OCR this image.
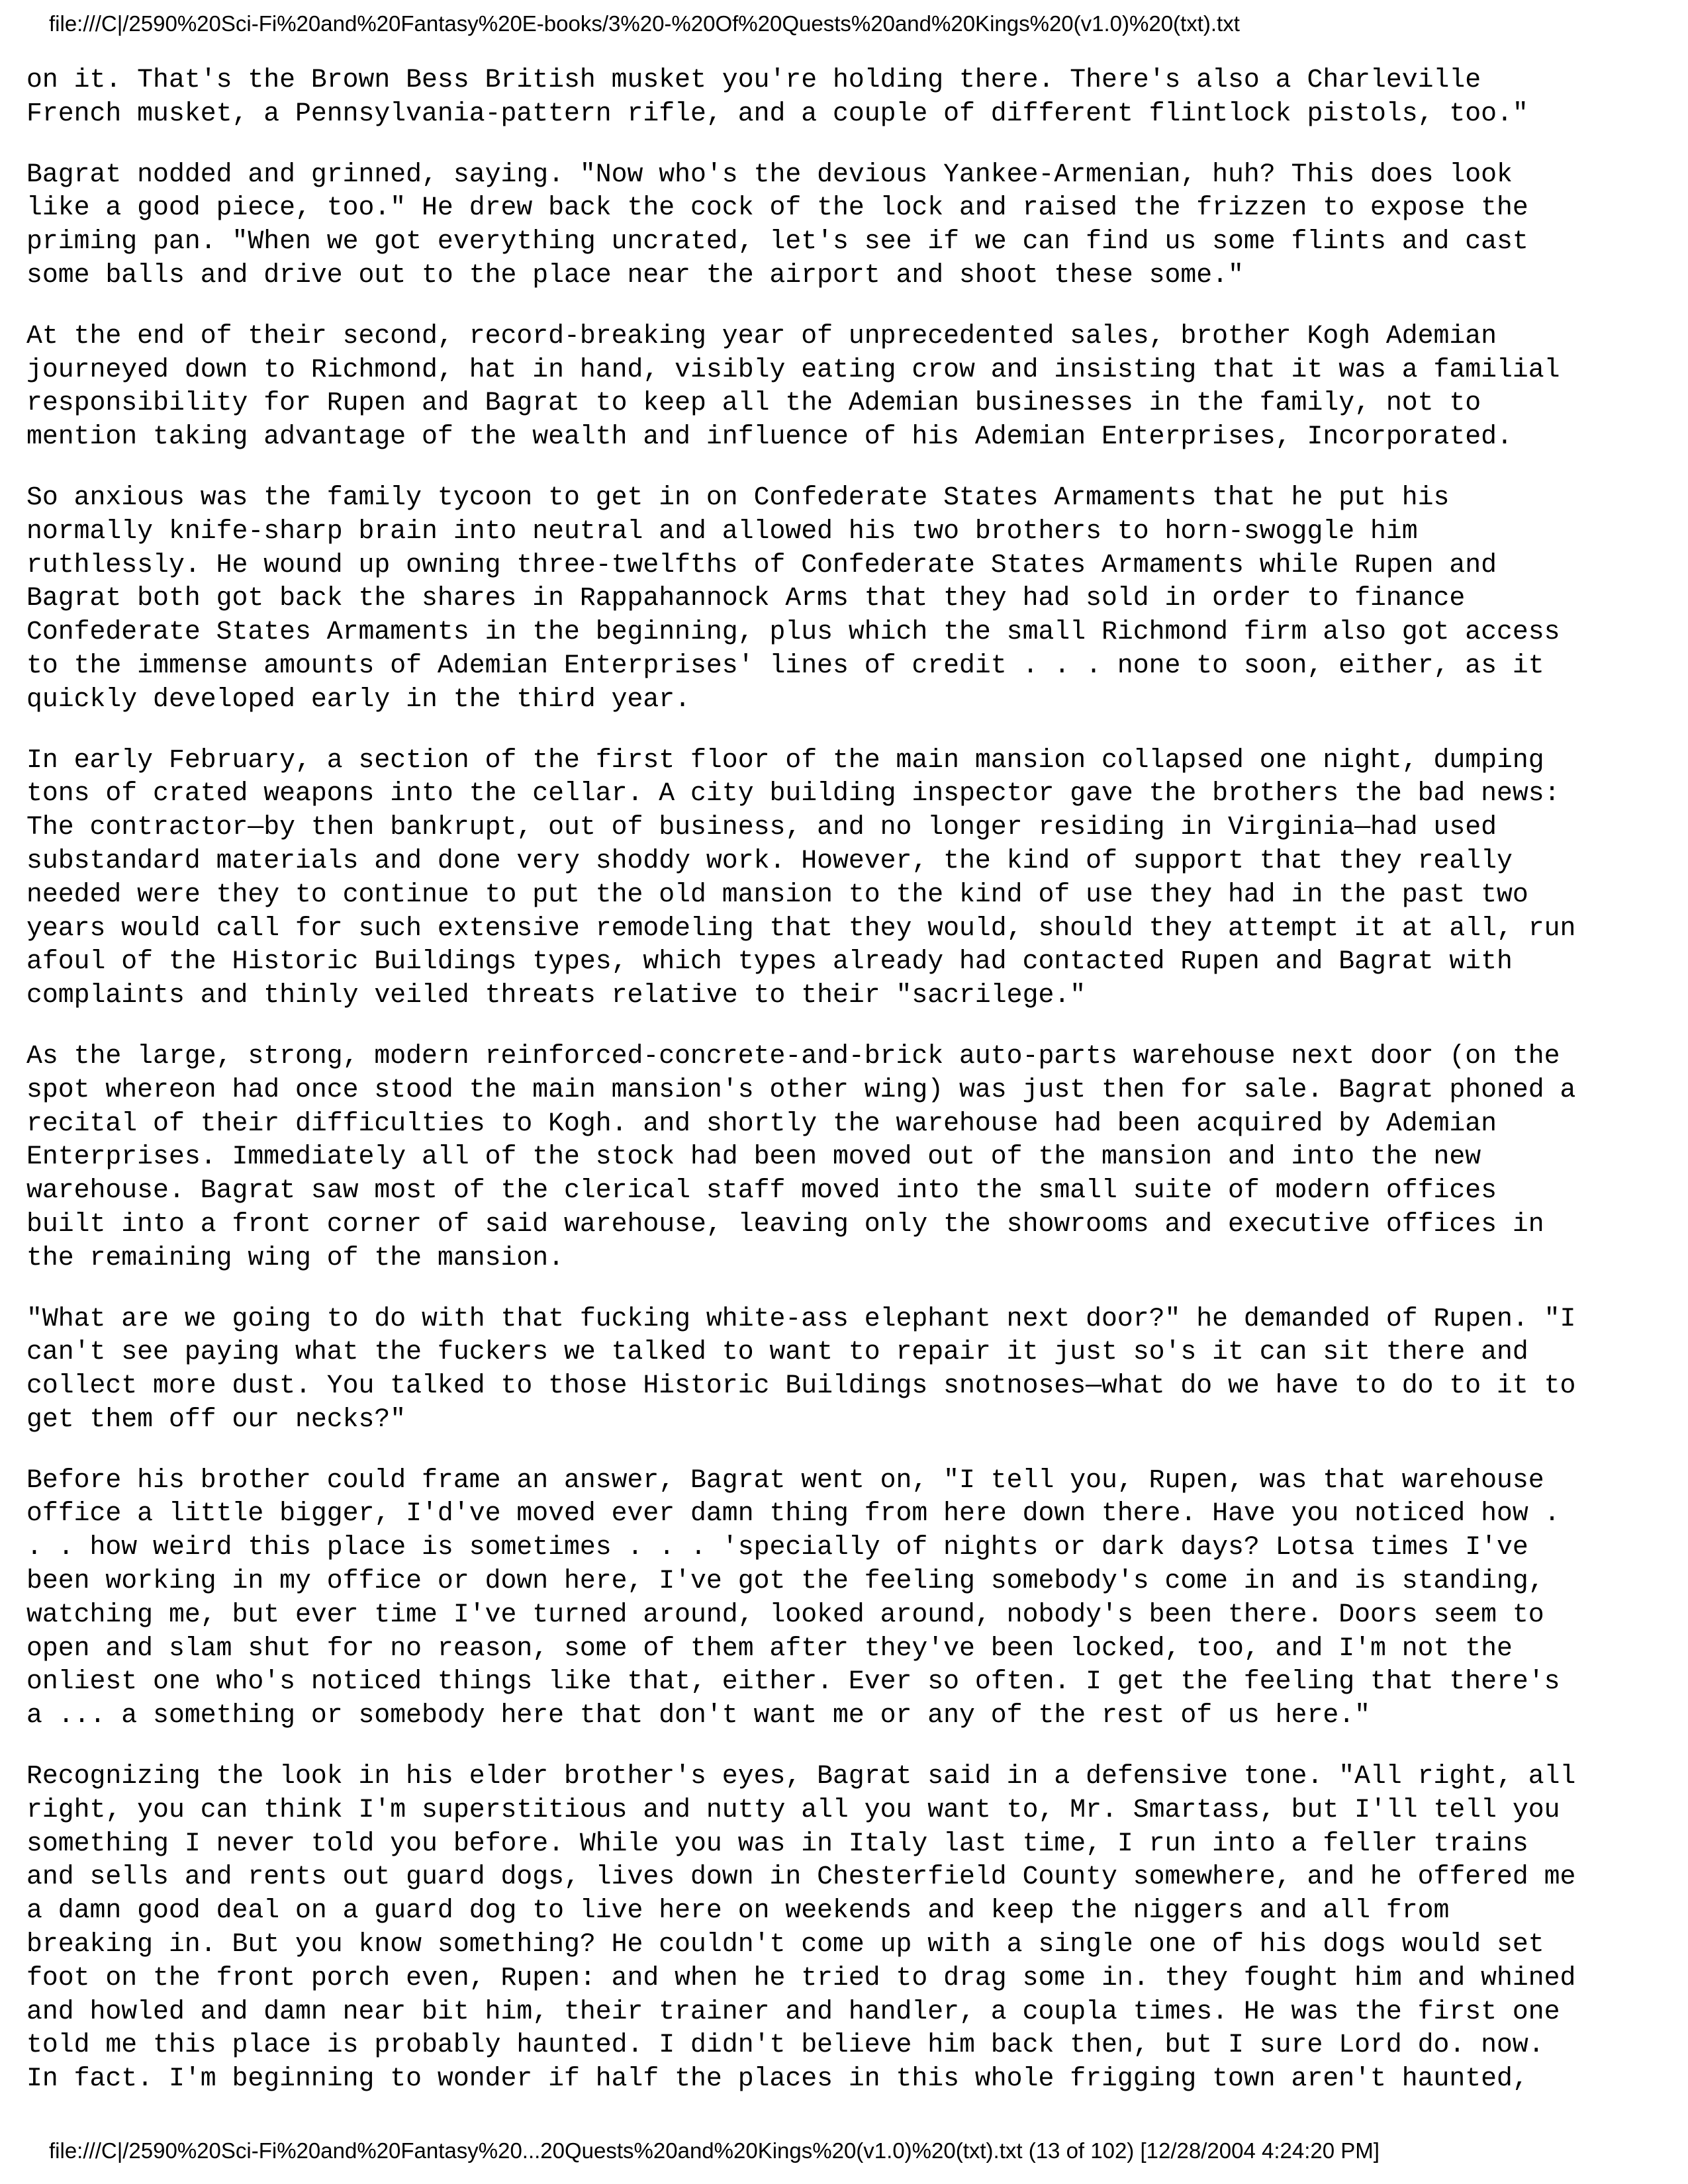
file:///C|/2590%20Sci-Fi%20and%20Fantasy%20E-books/3%20-%20Of%20Quests%20and%20Kings%20(v1.0)%20(txt).txt

on it. That's the Brown Bess British musket you're holding there. There's also a Charleville
French musket, a Pennsylvania-pattern rifle, and a couple of different flintlock pistols, too."

Bagrat nodded and grinned, saying. "Now who's the devious Yankee-Armenian, huh? This does look
like a good piece, too." He drew back the cock of the lock and raised the frizzen to expose the
priming pan. "When we got everything uncrated, let's see if we can find us some flints and cast
some balls and drive out to the place near the airport and shoot these some."

At the end of their second, record-breaking year of unprecedented sales, brother Kogh Ademian
journeyed down to Richmond, hat in hand, visibly eating crow and insisting that it was a familial
responsibility for Rupen and Bagrat to keep all the Ademian businesses in the family, not to
mention taking advantage of the wealth and influence of his Ademian Enterprises, Incorporated.

So anxious was the family tycoon to get in on Confederate States Armaments that he put his
normally knife-sharp brain into neutral and allowed his two brothers to horn-swoggle him
ruthlessly. He wound up owning three-twelfths of Confederate States Armaments while Rupen and
Bagrat both got back the shares in Rappahannock Arms that they had sold in order to finance
Confederate States Armaments in the beginning, plus which the small Richmond firm also got access
to the immense amounts of Ademian Enterprises' lines of credit . . . none to soon, either, as it
quickly developed early in the third year.

In early February, a section of the first floor of the main mansion collapsed one night, dumping
tons of crated weapons into the cellar. A city building inspector gave the brothers the bad news:
The contractor—by then bankrupt, out of business, and no longer residing in Virginia—had used
substandard materials and done very shoddy work. However, the kind of support that they really
needed were they to continue to put the old mansion to the kind of use they had in the past two
years would call for such extensive remodeling that they would, should they attempt it at all, run
afoul of the Historic Buildings types, which types already had contacted Rupen and Bagrat with
complaints and thinly veiled threats relative to their "sacrilege."

As the large, strong, modern reinforced-concrete-and-brick auto-parts warehouse next door (on the
spot whereon had once stood the main mansion's other wing) was just then for sale. Bagrat phoned a
recital of their difficulties to Kogh. and shortly the warehouse had been acquired by Ademian
Enterprises. Immediately all of the stock had been moved out of the mansion and into the new
warehouse. Bagrat saw most of the clerical staff moved into the small suite of modern offices
built into a front corner of said warehouse, leaving only the showrooms and executive offices in
the remaining wing of the mansion.

"What are we going to do with that fucking white-ass elephant next door?" he demanded of Rupen. "I
can't see paying what the fuckers we talked to want to repair it just so's it can sit there and
collect more dust. You talked to those Historic Buildings snotnoses—what do we have to do to it to
get them off our necks?"

Before his brother could frame an answer, Bagrat went on, "I tell you, Rupen, was that warehouse
office a little bigger, I'd've moved ever damn thing from here down there. Have you noticed how .
. . how weird this place is sometimes . . . 'specially of nights or dark days? Lotsa times I've
been working in my office or down here, I've got the feeling somebody's come in and is standing,
watching me, but ever time I've turned around, looked around, nobody's been there. Doors seem to
open and slam shut for no reason, some of them after they've been locked, too, and I'm not the
onliest one who's noticed things like that, either. Ever so often. I get the feeling that there's
a ... a something or somebody here that don't want me or any of the rest of us here."

Recognizing the look in his elder brother's eyes, Bagrat said in a defensive tone. "All right, all
right, you can think I'm superstitious and nutty all you want to, Mr. Smartass, but I'll tell you
something I never told you before. While you was in Italy last time, I run into a feller trains
and sells and rents out guard dogs, lives down in Chesterfield County somewhere, and he offered me
a damn good deal on a guard dog to live here on weekends and keep the niggers and all from
breaking in. But you know something? He couldn't come up with a single one of his dogs would set
foot on the front porch even, Rupen: and when he tried to drag some in. they fought him and whined
and howled and damn near bit him, their trainer and handler, a coupla times. He was the first one
told me this place is probably haunted. I didn't believe him back then, but I sure Lord do. now.
In fact. I'm beginning to wonder if half the places in this whole frigging town aren't haunted,

file:///C|/2590%20Sci-Fi%20and%20Fantasy%20...20Quests%20and%20Kings%20(v1.0)%20(txt).txt (13 of 102) [12/28/2004 4:24:20 PM]
